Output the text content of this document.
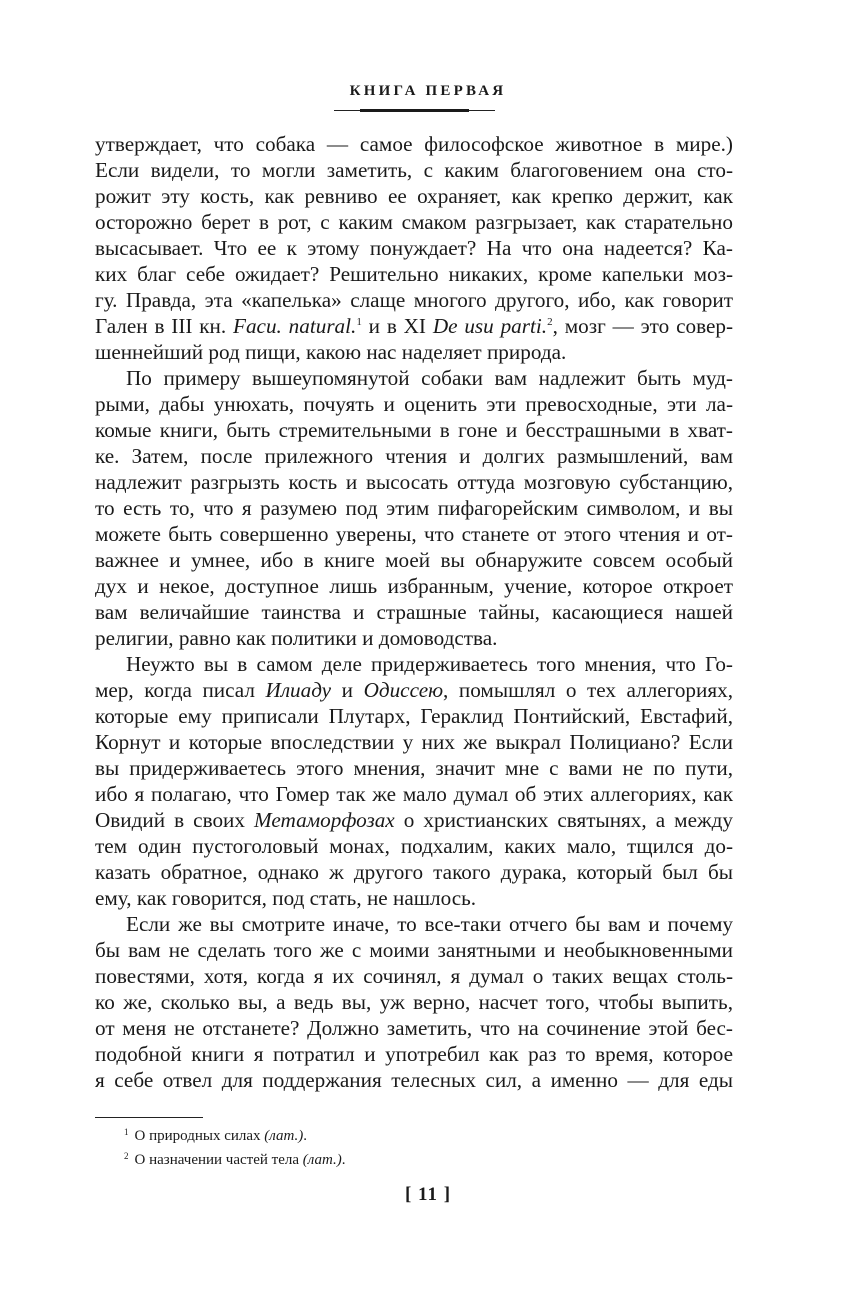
КНИГА ПЕРВАЯ
утверждает, что собака — самое философское животное в мире.)
Если видели, то могли заметить, с каким благоговением она сто-
рожит эту кость, как ревниво ее охраняет, как крепко держит, как
осторожно берет в рот, с каким смаком разгрызает, как старательно
высасывает. Что ее к этому понуждает? На что она надеется? Ка-
ких благ себе ожидает? Решительно никаких, кроме капельки моз-
гу. Правда, эта «капелька» слаще многого другого, ибо, как говорит
Гален в III кн. Facu. natural.$^1$ и в XI De usu parti.$^2$, мозг — это совер-
шеннейший род пищи, какою нас наделяет природа.
По примеру вышеупомянутой собаки вам надлежит быть муд-
рыми, дабы унюхать, почуять и оценить эти превосходные, эти ла-
комые книги, быть стремительными в гоне и бесстрашными в хват-
ке. Затем, после прилежного чтения и долгих размышлений, вам
надлежит разгрызть кость и высосать оттуда мозговую субстанцию,
то есть то, что я разумею под этим пифагорейским символом, и вы
можете быть совершенно уверены, что станете от этого чтения и от-
важнее и умнее, ибо в книге моей вы обнаружите совсем особый
дух и некое, доступное лишь избранным, учение, которое откроет
вам величайшие таинства и страшные тайны, касающиеся нашей
религии, равно как политики и домоводства.
Неужто вы в самом деле придерживаетесь того мнения, что Го-
мер, когда писал Илиаду и Одиссею, помышлял о тех аллегориях,
которые ему приписали Плутарх, Гераклид Понтийский, Евстафий,
Корнут и которые впоследствии у них же выкрал Полициано? Если
вы придерживаетесь этого мнения, значит мне с вами не по пути,
ибо я полагаю, что Гомер так же мало думал об этих аллегориях, как
Овидий в своих Метаморфозах о христианских святынях, а между
тем один пустоголовый монах, подхалим, каких мало, тщился до-
казать обратное, однако ж другого такого дурака, который был бы
ему, как говорится, под стать, не нашлось.
Если же вы смотрите иначе, то все-таки отчего бы вам и почему
бы вам не сделать того же с моими занятными и необыкновенными
повестями, хотя, когда я их сочинял, я думал о таких вещах столь-
ко же, сколько вы, а ведь вы, уж верно, насчет того, чтобы выпить,
от меня не отстанете? Должно заметить, что на сочинение этой бес-
подобной книги я потратил и употребил как раз то время, которое
я себе отвел для поддержания телесных сил, а именно — для еды
$^1$ О природных силах (лат.).
$^2$ О назначении частей тела (лат.).
[ 11 ]
